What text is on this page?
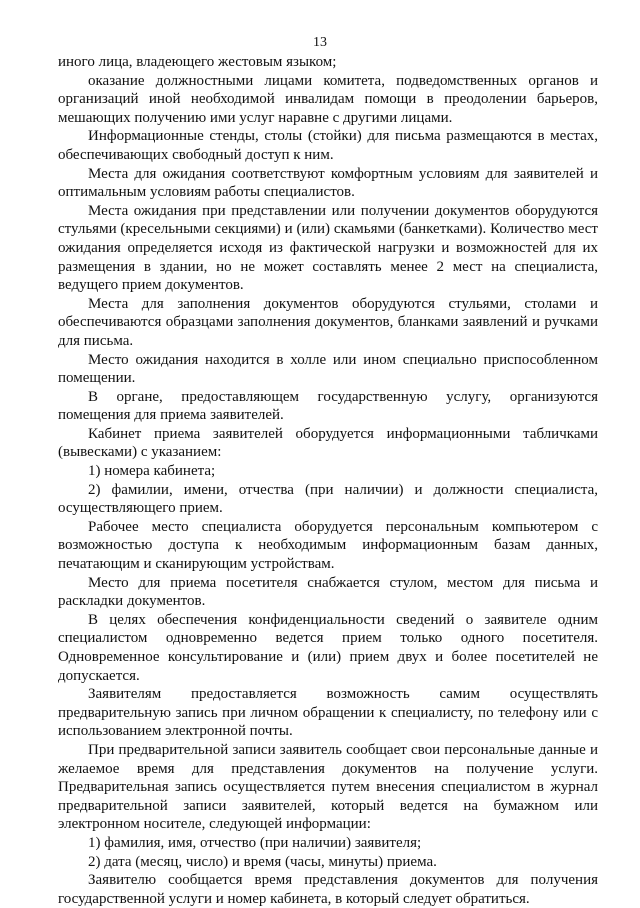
13

иного лица, владеющего жестовым языком;

оказание должностными лицами комитета, подведомственных органов и организаций иной необходимой инвалидам помощи в преодолении барьеров, мешающих получению ими услуг наравне с другими лицами.

Информационные стенды, столы (стойки) для письма размещаются в местах, обеспечивающих свободный доступ к ним.

Места для ожидания соответствуют комфортным условиям для заявителей и оптимальным условиям работы специалистов.

Места ожидания при представлении или получении документов оборудуются стульями (кресельными секциями) и (или) скамьями (банкетками). Количество мест ожидания определяется исходя из фактической нагрузки и возможностей для их размещения в здании, но не может составлять менее 2 мест на специалиста, ведущего прием документов.

Места для заполнения документов оборудуются стульями, столами и обеспечиваются образцами заполнения документов, бланками заявлений и ручками для письма.

Место ожидания находится в холле или ином специально приспособленном помещении.

В органе, предоставляющем государственную услугу, организуются помещения для приема заявителей.

Кабинет приема заявителей оборудуется информационными табличками (вывесками) с указанием:

1) номера кабинета;

2) фамилии, имени, отчества (при наличии) и должности специалиста, осуществляющего прием.

Рабочее место специалиста оборудуется персональным компьютером с возможностью доступа к необходимым информационным базам данных, печатающим и сканирующим устройствам.

Место для приема посетителя снабжается стулом, местом для письма и раскладки документов.

В целях обеспечения конфиденциальности сведений о заявителе одним специалистом одновременно ведется прием только одного посетителя. Одновременное консультирование и (или) прием двух и более посетителей не допускается.

Заявителям предоставляется возможность самим осуществлять предварительную запись при личном обращении к специалисту, по телефону или с использованием электронной почты.

При предварительной записи заявитель сообщает свои персональные данные и желаемое время для представления документов на получение услуги. Предварительная запись осуществляется путем внесения специалистом в журнал предварительной записи заявителей, который ведется на бумажном или электронном носителе, следующей информации:

1) фамилия, имя, отчество (при наличии) заявителя;

2) дата (месяц, число) и время (часы, минуты) приема.

Заявителю сообщается время представления документов для получения государственной услуги и номер кабинета, в который следует обратиться.
